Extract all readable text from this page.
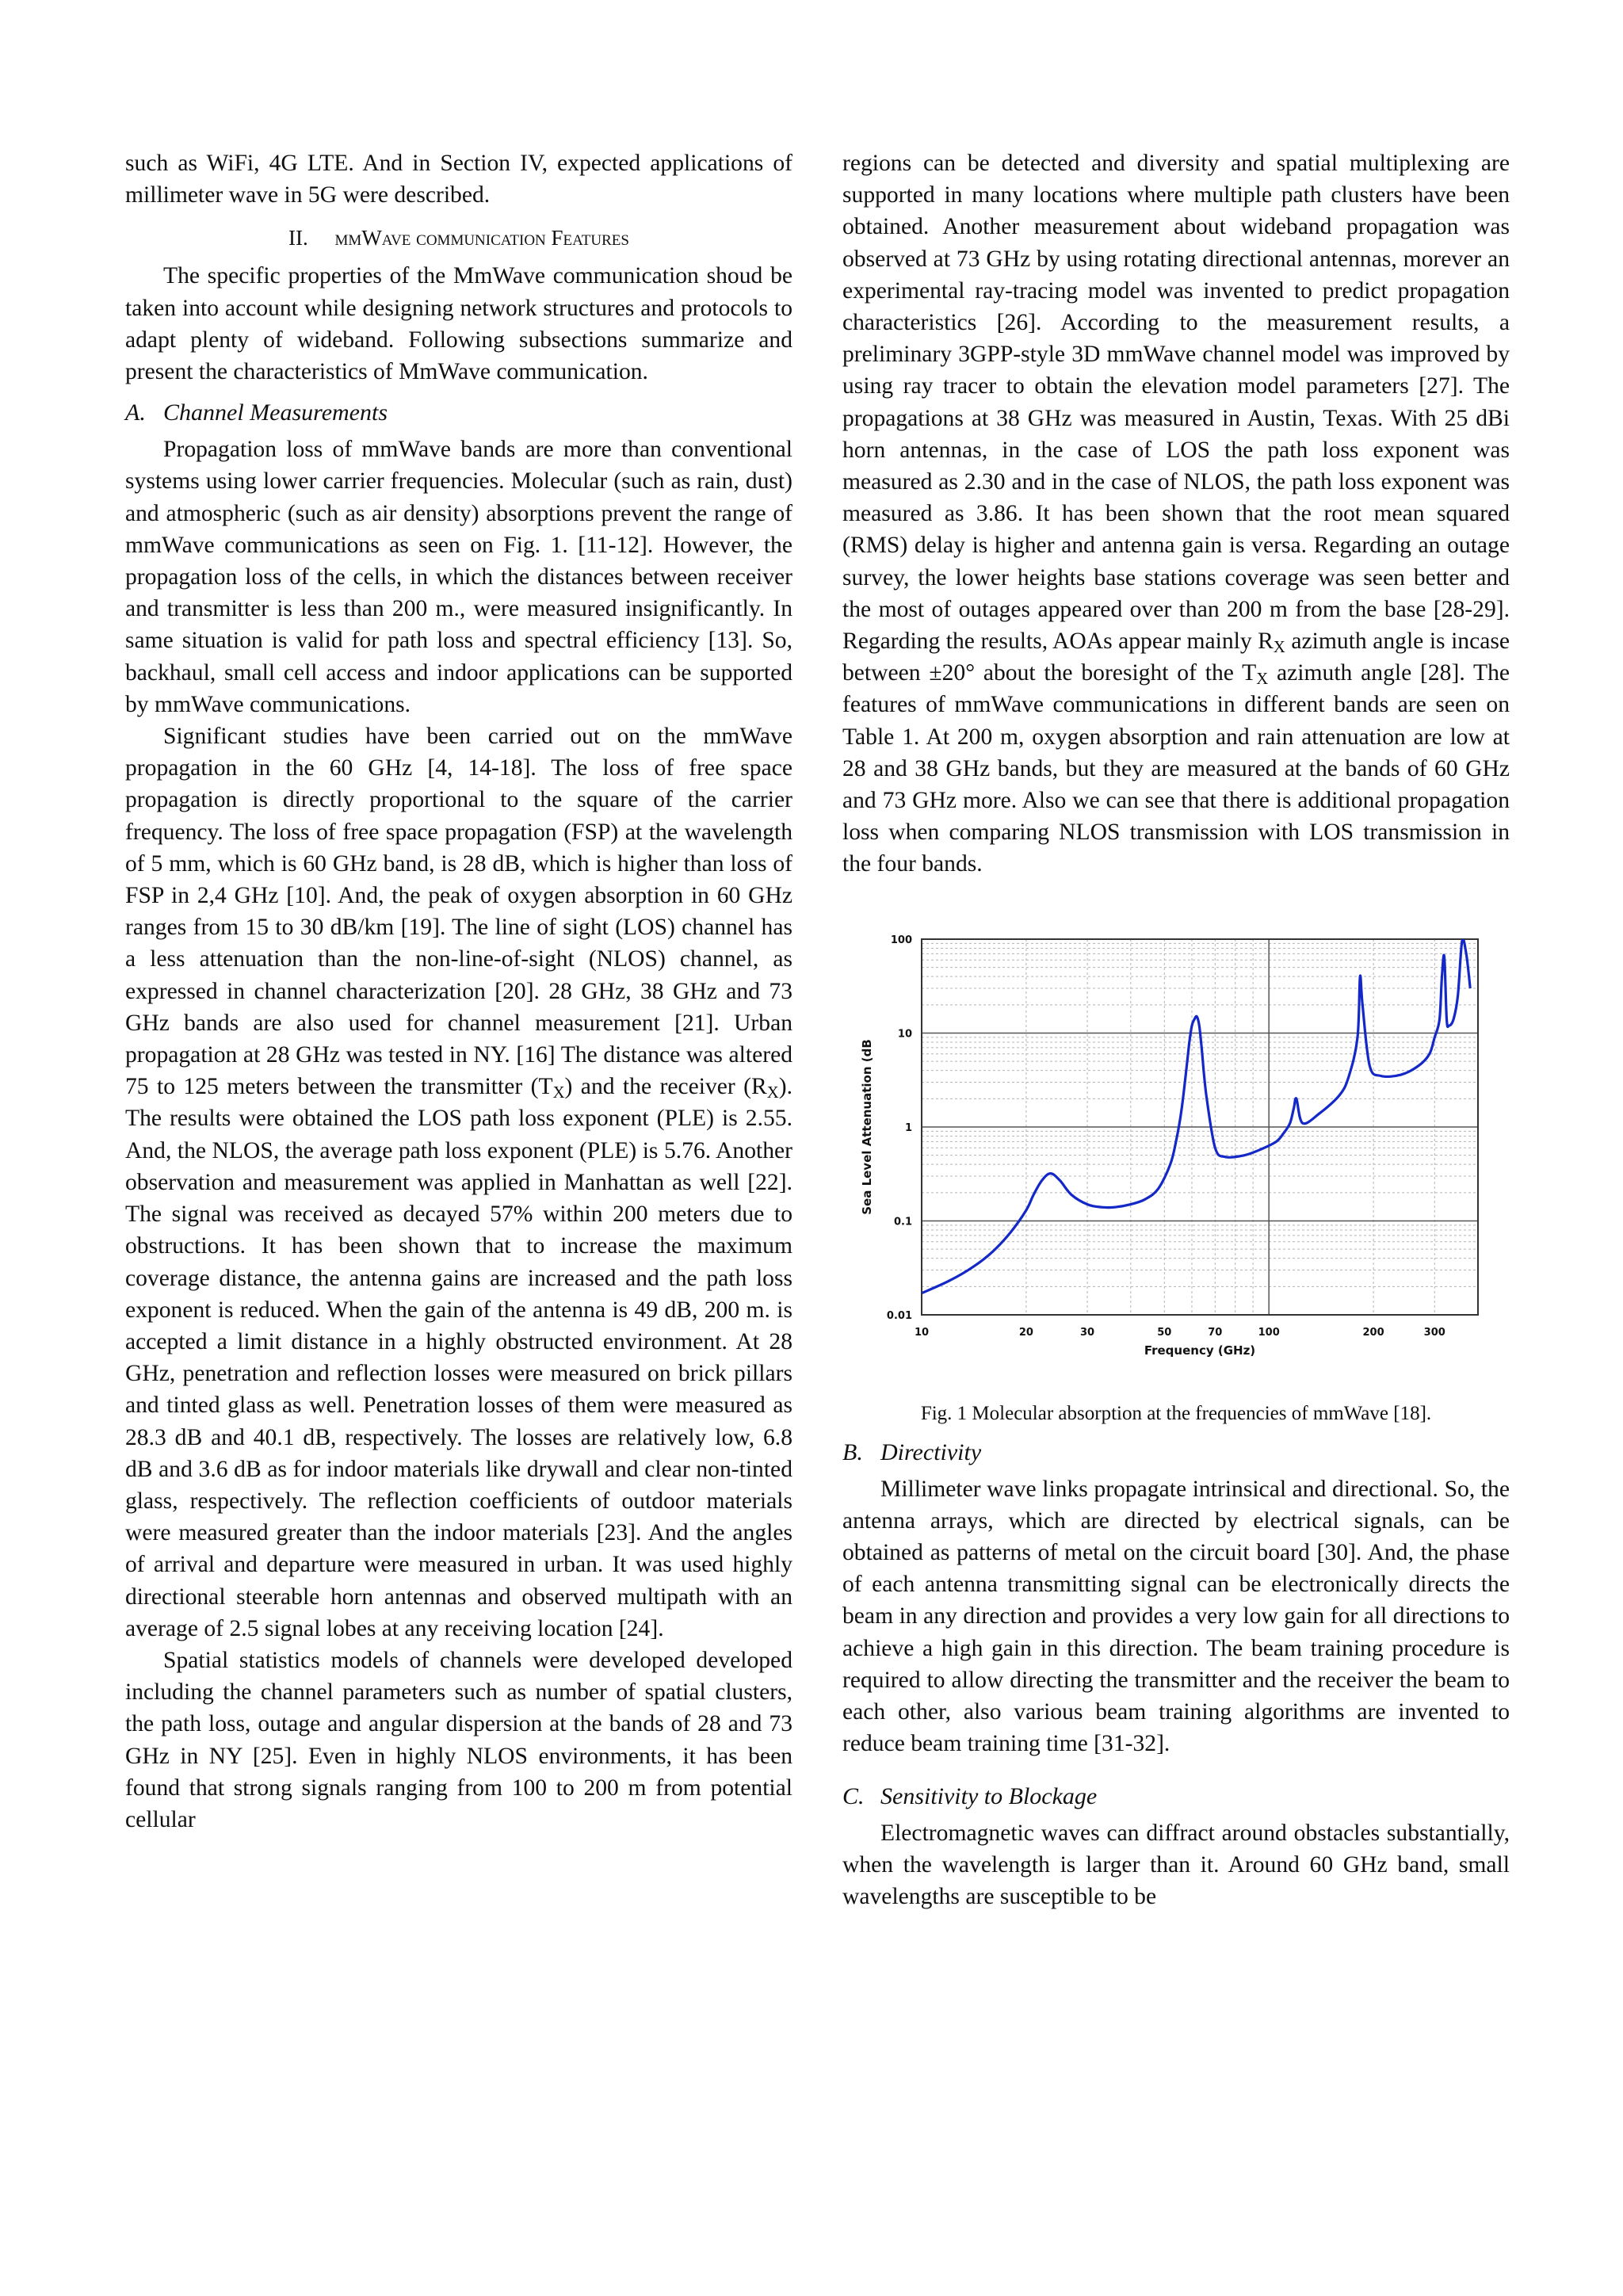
such as WiFi, 4G LTE. And in Section IV, expected applications of millimeter wave in 5G were described.

II. mmWave communication Features

The specific properties of the MmWave communication shoud be taken into account while designing network structures and protocols to adapt plenty of wideband. Following subsections summarize and present the characteristics of MmWave communication.

A. Channel Measurements

Propagation loss of mmWave bands are more than conventional systems using lower carrier frequencies. Molecular (such as rain, dust) and atmospheric (such as air density) absorptions prevent the range of mmWave communications as seen on Fig. 1. [11-12]. However, the propagation loss of the cells, in which the distances between receiver and transmitter is less than 200 m., were measured insignificantly. In same situation is valid for path loss and spectral efficiency [13]. So, backhaul, small cell access and indoor applications can be supported by mmWave communications.

Significant studies have been carried out on the mmWave propagation in the 60 GHz [4, 14-18]. The loss of free space propagation is directly proportional to the square of the carrier frequency. The loss of free space propagation (FSP) at the wavelength of 5 mm, which is 60 GHz band, is 28 dB, which is higher than loss of FSP in 2,4 GHz [10]. And, the peak of oxygen absorption in 60 GHz ranges from 15 to 30 dB/km [19]. The line of sight (LOS) channel has a less attenuation than the non-line-of-sight (NLOS) channel, as expressed in channel characterization [20]. 28 GHz, 38 GHz and 73 GHz bands are also used for channel measurement [21]. Urban propagation at 28 GHz was tested in NY. [16] The distance was altered 75 to 125 meters between the transmitter $(T_X)$ and the receiver $(R_X)$. The results were obtained the LOS path loss exponent (PLE) is 2.55. And, the NLOS, the average path loss exponent (PLE) is 5.76. Another observation and measurement was applied in Manhattan as well [22]. The signal was received as decayed 57% within 200 meters due to obstructions. It has been shown that to increase the maximum coverage distance, the antenna gains are increased and the path loss exponent is reduced. When the gain of the antenna is 49 dB, 200 m. is accepted a limit distance in a highly obstructed environment. At 28 GHz, penetration and reflection losses were measured on brick pillars and tinted glass as well. Penetration losses of them were measured as 28.3 dB and 40.1 dB, respectively. The losses are relatively low, 6.8 dB and 3.6 dB as for indoor materials like drywall and clear non-tinted glass, respectively. The reflection coefficients of outdoor materials were measured greater than the indoor materials [23]. And the angles of arrival and departure were measured in urban. It was used highly directional steerable horn antennas and observed multipath with an average of 2.5 signal lobes at any receiving location [24].

Spatial statistics models of channels were developed developed including the channel parameters such as number of spatial clusters, the path loss, outage and angular dispersion at the bands of 28 and 73 GHz in NY [25]. Even in highly NLOS environments, it has been found that strong signals ranging from 100 to 200 m from potential cellular

regions can be detected and diversity and spatial multiplexing are supported in many locations where multiple path clusters have been obtained. Another measurement about wideband propagation was observed at 73 GHz by using rotating directional antennas, morever an experimental ray-tracing model was invented to predict propagation characteristics [26]. According to the measurement results, a preliminary 3GPP-style 3D mmWave channel model was improved by using ray tracer to obtain the elevation model parameters [27]. The propagations at 38 GHz was measured in Austin, Texas. With 25 dBi horn antennas, in the case of LOS the path loss exponent was measured as 2.30 and in the case of NLOS, the path loss exponent was measured as 3.86. It has been shown that the root mean squared (RMS) delay is higher and antenna gain is versa. Regarding an outage survey, the lower heights base stations coverage was seen better and the most of outages appeared over than 200 m from the base [28-29]. Regarding the results, AOAs appear mainly $R_X$ azimuth angle is incase between ±20° about the boresight of the $T_X$ azimuth angle [28]. The features of mmWave communications in different bands are seen on Table 1. At 200 m, oxygen absorption and rain attenuation are low at 28 and 38 GHz bands, but they are measured at the bands of 60 GHz and 73 GHz more. Also we can see that there is additional propagation loss when comparing NLOS transmission with LOS transmission in the four bands.

10	20	30	50	70	100	200	300
0.01
0.1
1
10
100
Frequency (GHz)
Sea Level Attenuation (dB
Fig. 1 Molecular absorption at the frequencies of mmWave [18].
B. Directivity

Millimeter wave links propagate intrinsical and directional. So, the antenna arrays, which are directed by electrical signals, can be obtained as patterns of metal on the circuit board [30]. And, the phase of each antenna transmitting signal can be electronically directs the beam in any direction and provides a very low gain for all directions to achieve a high gain in this direction. The beam training procedure is required to allow directing the transmitter and the receiver the beam to each other, also various beam training algorithms are invented to reduce beam training time [31-32].

C. Sensitivity to Blockage

Electromagnetic waves can diffract around obstacles substantially, when the wavelength is larger than it. Around 60 GHz band, small wavelengths are susceptible to be
